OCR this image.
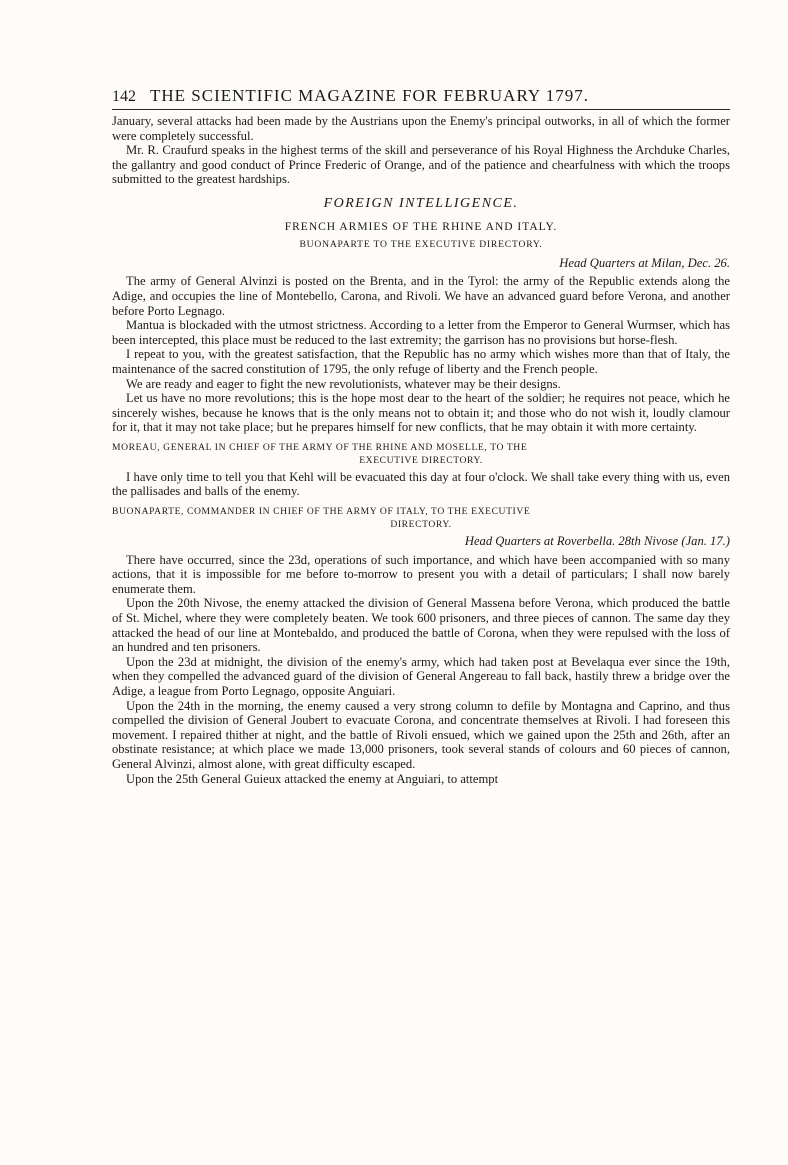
142 THE SCIENTIFIC MAGAZINE FOR FEBRUARY 1797.

January, several attacks had been made by the Austrians upon the Enemy's principal outworks, in all of which the former were completely successful.

Mr. R. Craufurd speaks in the highest terms of the skill and perseverance of his Royal Highness the Archduke Charles, the gallantry and good conduct of Prince Frederic of Orange, and of the patience and chearfulness with which the troops submitted to the greatest hardships.

FOREIGN INTELLIGENCE.
FRENCH ARMIES OF THE RHINE AND ITALY.
BUONAPARTE TO THE EXECUTIVE DIRECTORY.
Head Quarters at Milan, Dec. 26.

The army of General Alvinzi is posted on the Brenta, and in the Tyrol: the army of the Republic extends along the Adige, and occupies the line of Montebello, Carona, and Rivoli. We have an advanced guard before Verona, and another before Porto Legnago.

Mantua is blockaded with the utmost strictness. According to a letter from the Emperor to General Wurmser, which has been intercepted, this place must be reduced to the last extremity; the garrison has no provisions but horse-flesh.

I repeat to you, with the greatest satisfaction, that the Republic has no army which wishes more than that of Italy, the maintenance of the sacred constitution of 1795, the only refuge of liberty and the French people.

We are ready and eager to fight the new revolutionists, whatever may be their designs.

Let us have no more revolutions; this is the hope most dear to the heart of the soldier; he requires not peace, which he sincerely wishes, because he knows that is the only means not to obtain it; and those who do not wish it, loudly clamour for it, that it may not take place; but he prepares himself for new conflicts, that he may obtain it with more certainty.

MOREAU, GENERAL IN CHIEF OF THE ARMY OF THE RHINE AND MOSELLE, TO THE
EXECUTIVE DIRECTORY.

I have only time to tell you that Kehl will be evacuated this day at four o'clock. We shall take every thing with us, even the pallisades and balls of the enemy.

BUONAPARTE, COMMANDER IN CHIEF OF THE ARMY OF ITALY, TO THE EXECUTIVE
DIRECTORY.
Head Quarters at Roverbella. 28th Nivose (Jan. 17.)

There have occurred, since the 23d, operations of such importance, and which have been accompanied with so many actions, that it is impossible for me before to-morrow to present you with a detail of particulars; I shall now barely enumerate them.

Upon the 20th Nivose, the enemy attacked the division of General Massena before Verona, which produced the battle of St. Michel, where they were completely beaten. We took 600 prisoners, and three pieces of cannon. The same day they attacked the head of our line at Montebaldo, and produced the battle of Corona, when they were repulsed with the loss of an hundred and ten prisoners.

Upon the 23d at midnight, the division of the enemy's army, which had taken post at Bevelaqua ever since the 19th, when they compelled the advanced guard of the division of General Angereau to fall back, hastily threw a bridge over the Adige, a league from Porto Legnago, opposite Anguiari.

Upon the 24th in the morning, the enemy caused a very strong column to defile by Montagna and Caprino, and thus compelled the division of General Joubert to evacuate Corona, and concentrate themselves at Rivoli. I had foreseen this movement. I repaired thither at night, and the battle of Rivoli ensued, which we gained upon the 25th and 26th, after an obstinate resistance; at which place we made 13,000 prisoners, took several stands of colours and 60 pieces of cannon, General Alvinzi, almost alone, with great difficulty escaped.

Upon the 25th General Guieux attacked the enemy at Anguiari, to attempt
